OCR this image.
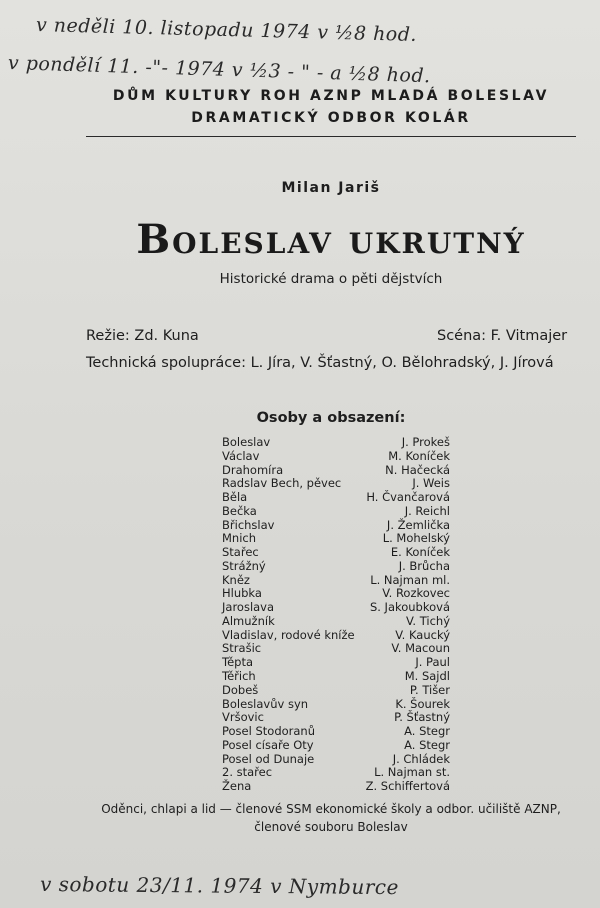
v neděli 10. listopadu 1974 v ½8 hod.
v pondělí 11. -"- 1974 v ½3 - " - a ½8 hod.
DŮM KULTURY ROH AZNP MLADÁ BOLESLAV
DRAMATICKÝ ODBOR KOLÁR
Milan Jariš
Boleslav ukrutný
Historické drama o pěti dějstvích
Režie: Zd. Kuna	Scéna: F. Vitmajer
Technická spolupráce: L. Jíra, V. Šťastný, O. Bělohradský, J. Jírová
Osoby a obsazení:
Boleslav	J. Prokeš
Václav	M. Koníček
Drahomíra	N. Hačecká
Radslav Bech, pěvec	J. Weis
Běla	H. Čvančarová
Bečka	J. Reichl
Břichslav	J. Žemlička
Mnich	L. Mohelský
Stařec	E. Koníček
Strážný	J. Brůcha
Kněz	L. Najman ml.
Hlubka	V. Rozkovec
Jaroslava	S. Jakoubková
Almužník	V. Tichý
Vladislav, rodové kníže	V. Kaucký
Strašic	V. Macoun
Těpta	J. Paul
Těřich	M. Sajdl
Dobeš	P. Tišer
Boleslavův syn	K. Šourek
Vršovic	P. Šťastný
Posel Stodoranů	A. Stegr
Posel císaře Oty	A. Stegr
Posel od Dunaje	J. Chládek
2. stařec	L. Najman st.
Žena	Z. Schiffertová
Oděnci, chlapi a lid — členové SSM ekonomické školy a odbor. učiliště AZNP,
členové souboru Boleslav
v sobotu 23/11. 1974 v Nymburce
